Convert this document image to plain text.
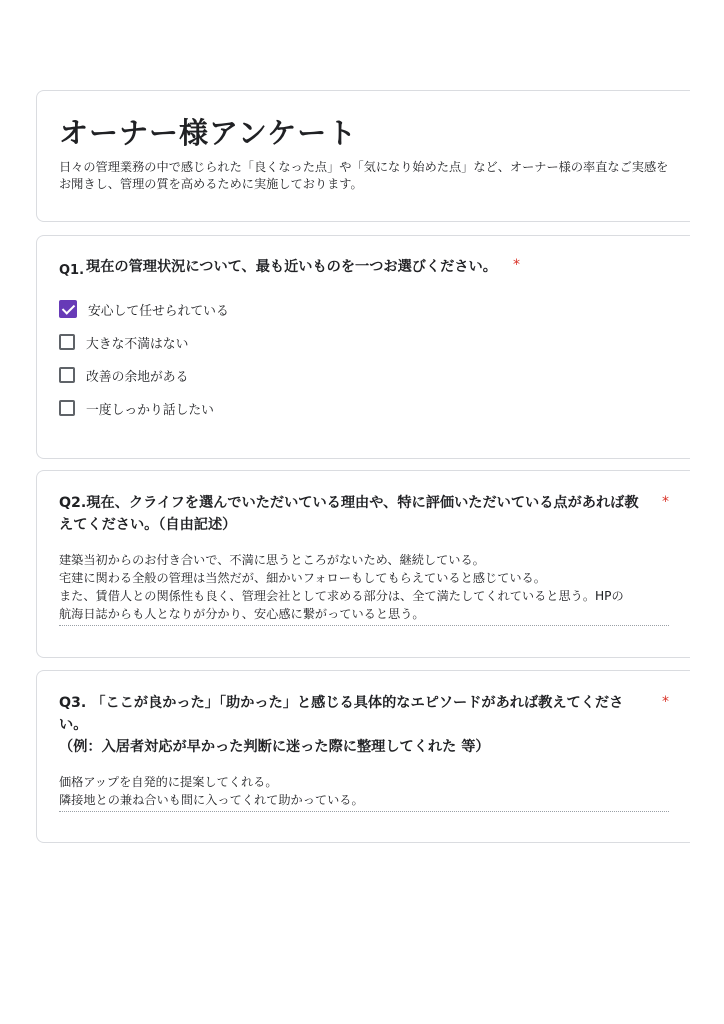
オーナー様アンケート

日々の管理業務の中で感じられた「良くなった点」や「気になり始めた点」など、オーナー様の率直なご実感をお聞きし、管理の質を高めるために実施しております。

Q1. 現在の管理状況について、最も近いものを一つお選びください。	*
安心して任せられている
大きな不満はない
改善の余地がある
一度しっかり話したい
Q2.現在、クライフを選んでいただいている理由や、特に評価いただいている点があれば教
えてください。（自由記述）
*
建築当初からのお付き合いで、不満に思うところがないため、継続している。
宅建に関わる全般の管理は当然だが、細かいフォローもしてもらえていると感じている。
また、賃借人との関係性も良く、管理会社として求める部分は、全て満たしてくれていると思う。HPの
航海日誌からも人となりが分かり、安心感に繋がっていると思う。
Q3. 「ここが良かった」「助かった」と感じる具体的なエピソードがあれば教えてくださ
い。
（例：入居者対応が早かった判断に迷った際に整理してくれた 等）
*
価格アップを自発的に提案してくれる。
隣接地との兼ね合いも間に入ってくれて助かっている。
